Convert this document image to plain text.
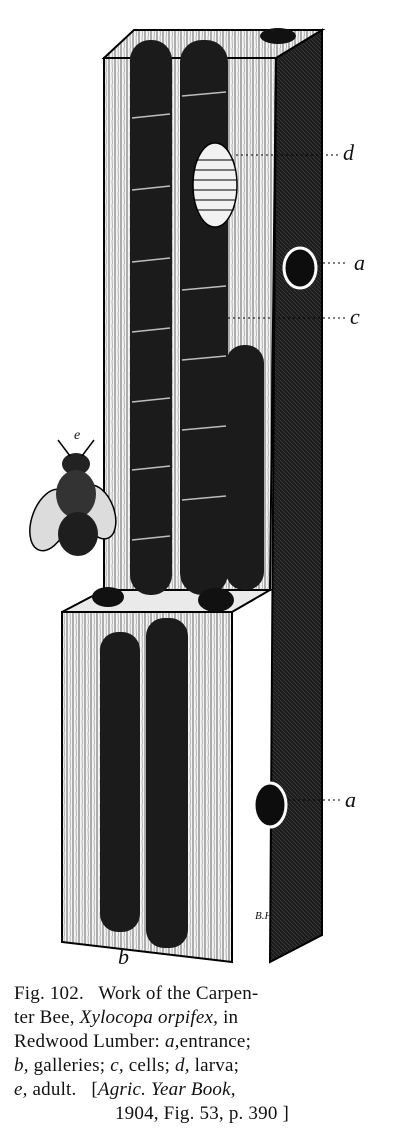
d
a
c
e
a
b
B.H
Fig. 102. Work of the Carpen-
ter Bee, Xylocopa orpifex, in
Redwood Lumber: a,entrance;
b, galleries; c, cells; d, larva;
e, adult. [Agric. Year Book,
1904, Fig. 53, p. 390 ]
